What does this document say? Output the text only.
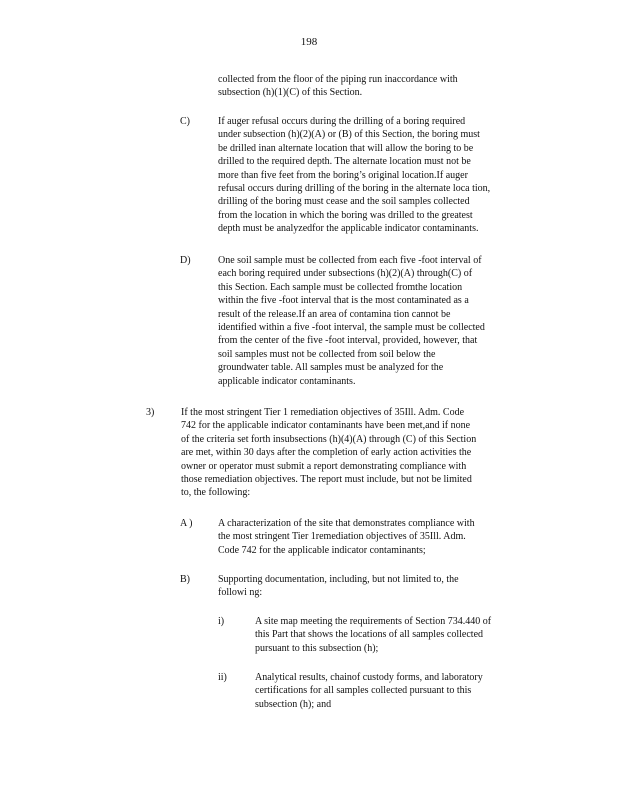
198
collected from the floor of the piping run inaccordance with
subsection (h)(1)(C) of this Section.
C)	If auger refusal occurs during the drilling of a boring required
under subsection (h)(2)(A) or (B) of this Section, the boring must
be drilled inan alternate location that will allow the boring to be
drilled to the required depth. The alternate location must not be
more than five feet from the boring’s original location.If auger
refusal occurs during drilling of the boring in the alternate loca tion,
drilling of the boring must cease and the soil samples collected
from the location in which the boring was drilled to the greatest
depth must be analyzedfor the applicable indicator contaminants.
D)	One soil sample must be collected from each five -foot interval of
each boring required under subsections (h)(2)(A) through(C) of
this Section. Each sample must be collected fromthe location
within the five -foot interval that is the most contaminated as a
result of the release.If an area of contamina tion cannot be
identified within a five -foot interval, the sample must be collected
from the center of the five -foot interval, provided, however, that
soil samples must not be collected from soil below the
groundwater table. All samples must be analyzed for the
applicable indicator contaminants.
3)	If the most stringent Tier 1 remediation objectives of 35Ill. Adm. Code
742 for the applicable indicator contaminants have been met,and if none
of the criteria set forth insubsections (h)(4)(A) through (C) of this Section
are met, within 30 days after the completion of early action activities the
owner or operator must submit a report demonstrating compliance with
those remediation objectives. The report must include, but not be limited
to, the following:
A )	A characterization of the site that demonstrates compliance with
the most stringent Tier 1remediation objectives of 35Ill. Adm.
Code 742 for the applicable indicator contaminants;
B)	Supporting documentation, including, but not limited to, the
followi ng:
i)	A site map meeting the requirements of Section 734.440 of
this Part that shows the locations of all samples collected
pursuant to this subsection (h);
ii)	Analytical results, chainof custody forms, and laboratory
certifications for all samples collected pursuant to this
subsection (h); and
